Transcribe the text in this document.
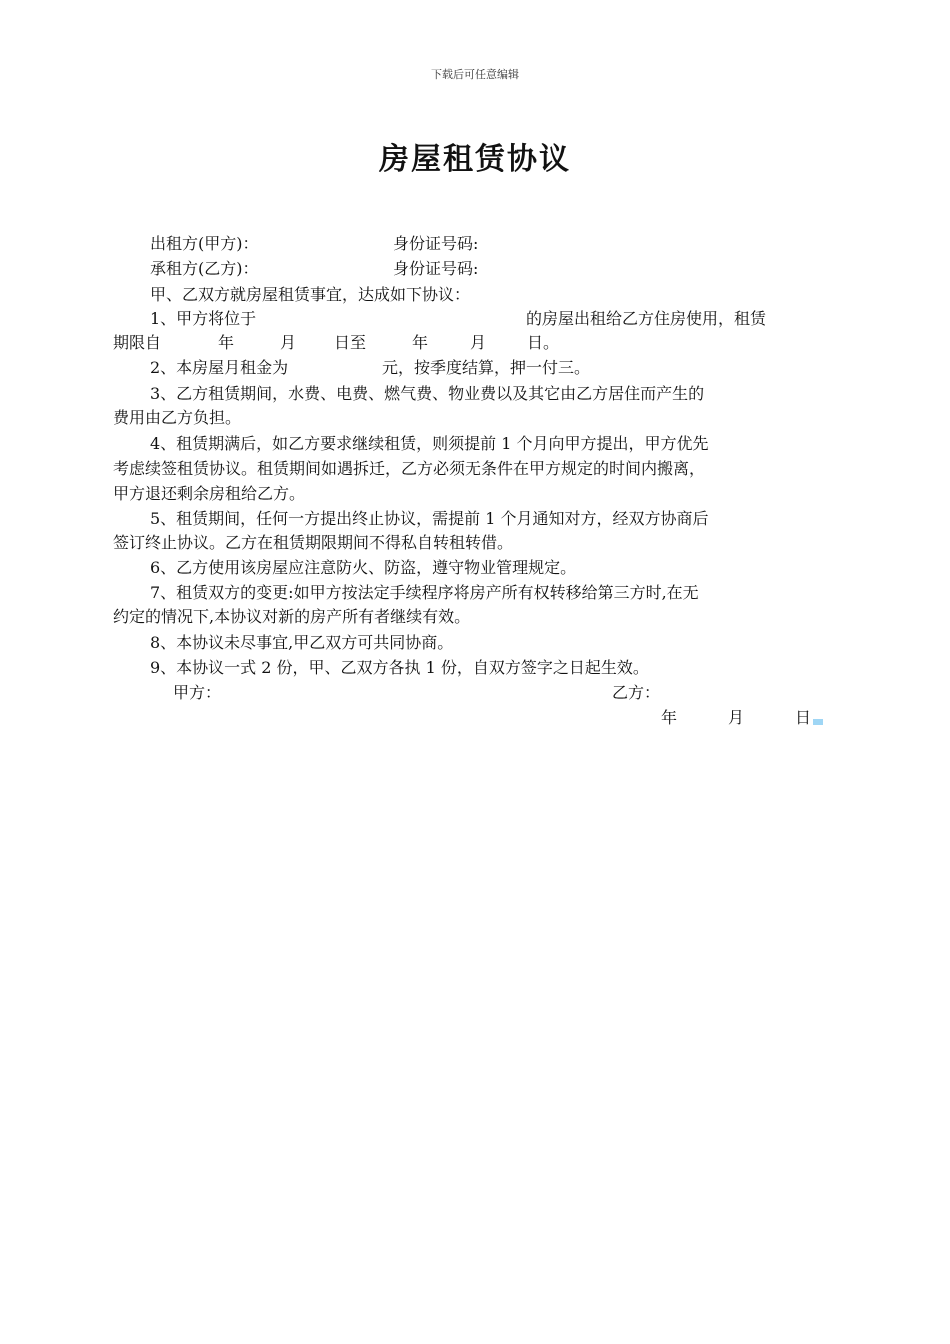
下载后可任意编辑
房屋租赁协议
出租方(甲方)：	身份证号码:
承租方(乙方)：	身份证号码:
甲、乙双方就房屋租赁事宜，达成如下协议：
1、甲方将位于	的房屋出租给乙方住房使用，租赁
期限自	年	月 日至	年	月	日。
2、本房屋月租金为	元，按季度结算，押一付三。
3、乙方租赁期间，水费、电费、燃气费、物业费以及其它由乙方居住而产生的
费用由乙方负担。
4、租赁期满后，如乙方要求继续租赁，则须提前 1 个月向甲方提出，甲方优先
考虑续签租赁协议。租赁期间如遇拆迁，乙方必须无条件在甲方规定的时间内搬离，
甲方退还剩余房租给乙方。
5、租赁期间，任何一方提出终止协议，需提前 1 个月通知对方，经双方协商后
签订终止协议。乙方在租赁期限期间不得私自转租转借。
6、乙方使用该房屋应注意防火、防盗，遵守物业管理规定。
7、租赁双方的变更:如甲方按法定手续程序将房产所有权转移给第三方时,在无
约定的情况下,本协议对新的房产所有者继续有效。
8、本协议未尽事宜,甲乙双方可共同协商。
9、本协议一式 2 份，甲、乙双方各执 1 份，自双方签字之日起生效。
甲方：	乙方：
年	月	日
